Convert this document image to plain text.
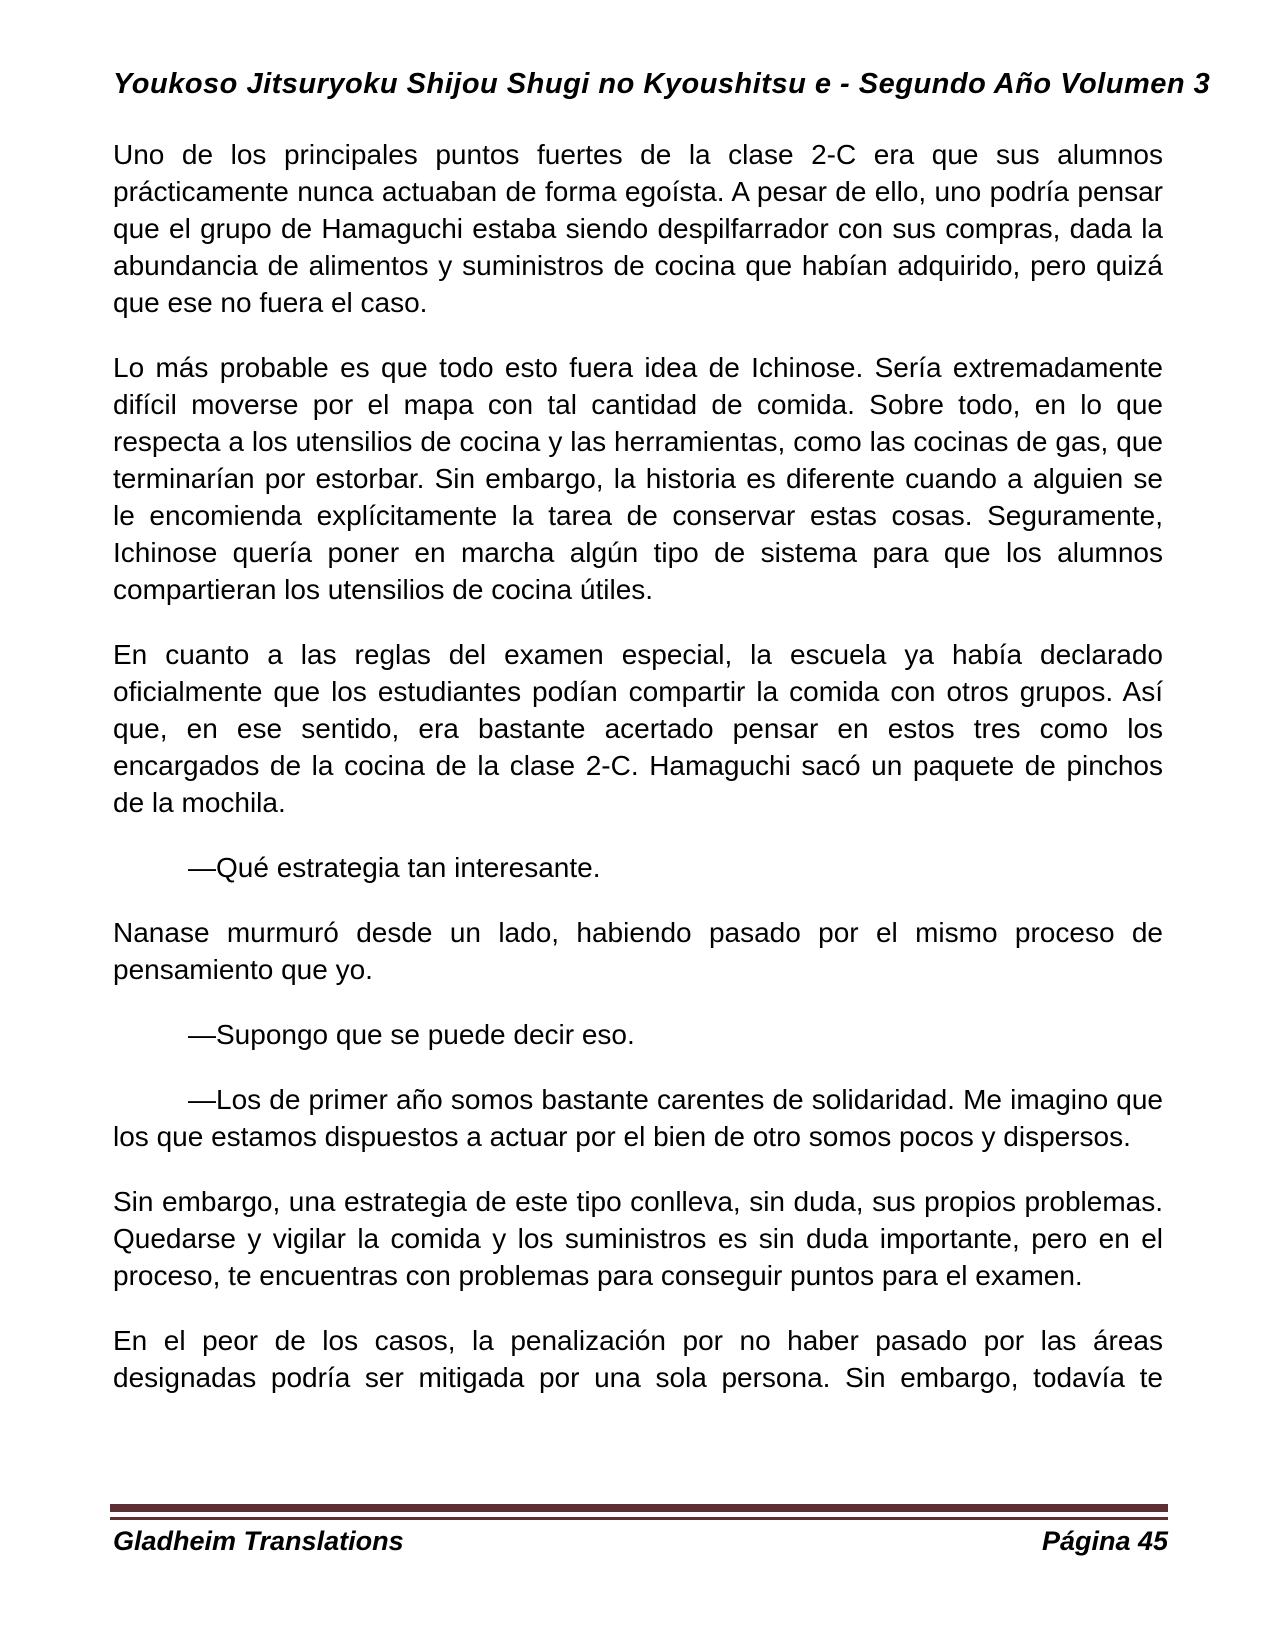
Youkoso Jitsuryoku Shijou Shugi no Kyoushitsu e - Segundo Año Volumen 3

Uno de los principales puntos fuertes de la clase 2-C era que sus alumnos prácticamente nunca actuaban de forma egoísta. A pesar de ello, uno podría pensar que el grupo de Hamaguchi estaba siendo despilfarrador con sus compras, dada la abundancia de alimentos y suministros de cocina que habían adquirido, pero quizá que ese no fuera el caso.

Lo más probable es que todo esto fuera idea de Ichinose. Sería extremadamente difícil moverse por el mapa con tal cantidad de comida. Sobre todo, en lo que respecta a los utensilios de cocina y las herramientas, como las cocinas de gas, que terminarían por estorbar. Sin embargo, la historia es diferente cuando a alguien se le encomienda explícitamente la tarea de conservar estas cosas. Seguramente, Ichinose quería poner en marcha algún tipo de sistema para que los alumnos compartieran los utensilios de cocina útiles.

En cuanto a las reglas del examen especial, la escuela ya había declarado oficialmente que los estudiantes podían compartir la comida con otros grupos. Así que, en ese sentido, era bastante acertado pensar en estos tres como los encargados de la cocina de la clase 2-C. Hamaguchi sacó un paquete de pinchos de la mochila.

—Qué estrategia tan interesante.

Nanase murmuró desde un lado, habiendo pasado por el mismo proceso de pensamiento que yo.

—Supongo que se puede decir eso.

—Los de primer año somos bastante carentes de solidaridad. Me imagino que los que estamos dispuestos a actuar por el bien de otro somos pocos y dispersos.

Sin embargo, una estrategia de este tipo conlleva, sin duda, sus propios problemas. Quedarse y vigilar la comida y los suministros es sin duda importante, pero en el proceso, te encuentras con problemas para conseguir puntos para el examen.

En el peor de los casos, la penalización por no haber pasado por las áreas designadas podría ser mitigada por una sola persona. Sin embargo, todavía te

Gladheim Translations	Página 45
